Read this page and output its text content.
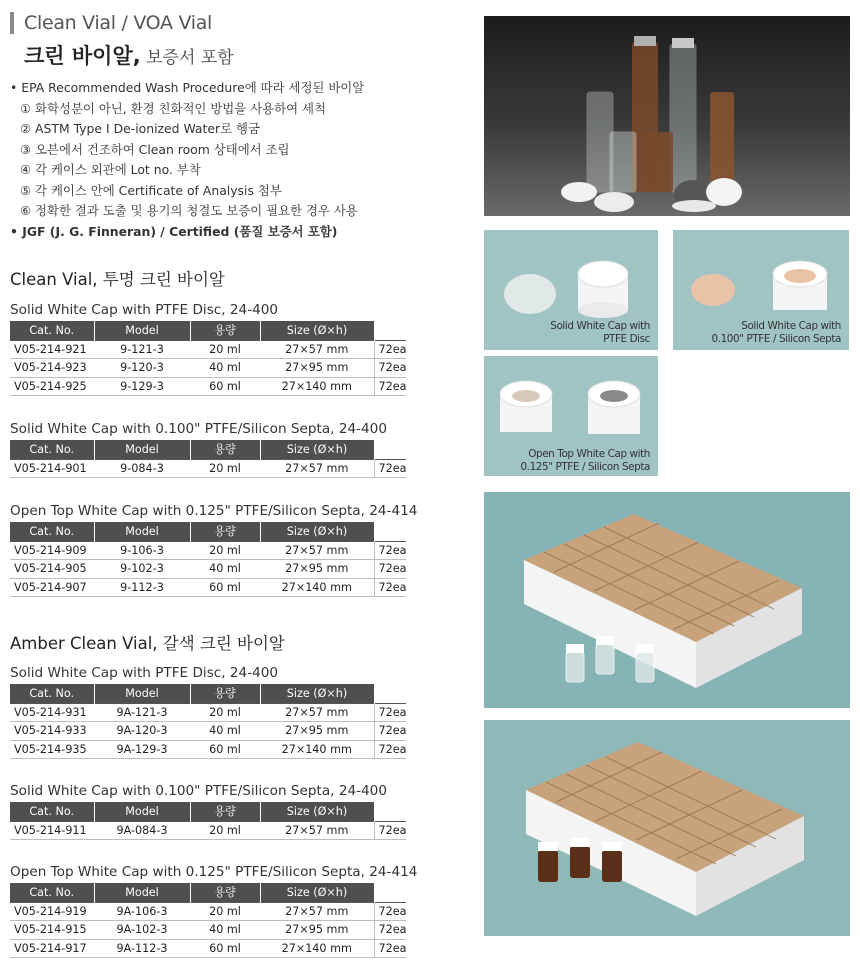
Clean Vial / VOA Vial
크린 바이알, 보증서 포함
• EPA Recommended Wash Procedure에 따라 세정된 바이알
① 화학성분이 아닌, 환경 친화적인 방법을 사용하여 세척
② ASTM Type I De-ionized Water로 헹굼
③ 오븐에서 건조하여 Clean room 상태에서 조립
④ 각 케이스 외관에 Lot no. 부착
⑤ 각 케이스 안에 Certificate of Analysis 첨부
⑥ 정확한 결과 도출 및 용기의 청결도 보증이 필요한 경우 사용
• JGF (J. G. Finneran) / Certified (품질 보증서 포함)
Clean Vial, 투명 크린 바이알
Solid White Cap with PTFE Disc, 24-400
Cat. No.	Model	용량	Size (Ø×h)	
V05-214-921	9-121-3	20 ml	27×57 mm	72ea
V05-214-923	9-120-3	40 ml	27×95 mm	72ea
V05-214-925	9-129-3	60 ml	27×140 mm	72ea
Solid White Cap with 0.100" PTFE/Silicon Septa, 24-400
Cat. No.	Model	용량	Size (Ø×h)	
V05-214-901	9-084-3	20 ml	27×57 mm	72ea
Open Top White Cap with 0.125" PTFE/Silicon Septa, 24-414
Cat. No.	Model	용량	Size (Ø×h)	
V05-214-909	9-106-3	20 ml	27×57 mm	72ea
V05-214-905	9-102-3	40 ml	27×95 mm	72ea
V05-214-907	9-112-3	60 ml	27×140 mm	72ea
Amber Clean Vial, 갈색 크린 바이알
Solid White Cap with PTFE Disc, 24-400
Cat. No.	Model	용량	Size (Ø×h)	
V05-214-931	9A-121-3	20 ml	27×57 mm	72ea
V05-214-933	9A-120-3	40 ml	27×95 mm	72ea
V05-214-935	9A-129-3	60 ml	27×140 mm	72ea
Solid White Cap with 0.100" PTFE/Silicon Septa, 24-400
Cat. No.	Model	용량	Size (Ø×h)	
V05-214-911	9A-084-3	20 ml	27×57 mm	72ea
Open Top White Cap with 0.125" PTFE/Silicon Septa, 24-414
Cat. No.	Model	용량	Size (Ø×h)	
V05-214-919	9A-106-3	20 ml	27×57 mm	72ea
V05-214-915	9A-102-3	40 ml	27×95 mm	72ea
V05-214-917	9A-112-3	60 ml	27×140 mm	72ea
Solid White Cap with
PTFE Disc
Solid White Cap with
0.100" PTFE / Silicon Septa
Open Top White Cap with
0.125" PTFE / Silicon Septa
